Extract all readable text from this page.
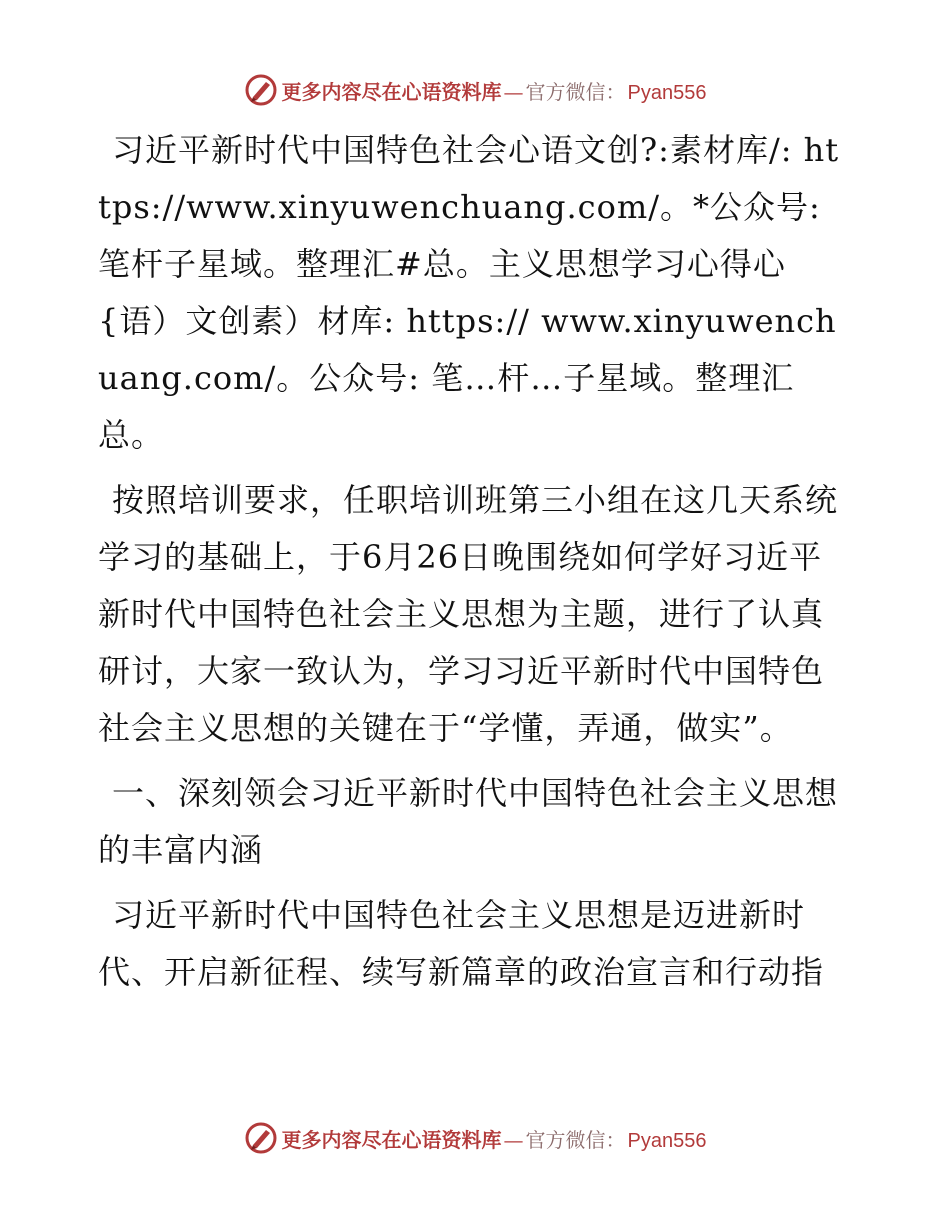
更多内容尽在心语资料库 — 官方微信： Pyan556

习近平新时代中国特色社会心语文创?:素材库/: https://www.xinyuwenchuang.com/。*公众号: 笔杆子星域。整理汇#总。主义思想学习心得心{语）文创素）材库: https:// www.xinyuwenchuang.com/。公众号: 笔…杆…子星域。整理汇总。

按照培训要求，任职培训班第三小组在这几天系统学习的基础上，于6月26日晚围绕如何学好习近平新时代中国特色社会主义思想为主题，进行了认真研讨，大家一致认为，学习习近平新时代中国特色社会主义思想的关键在于“学懂，弄通，做实”。

一、深刻领会习近平新时代中国特色社会主义思想的丰富内涵

习近平新时代中国特色社会主义思想是迈进新时代、开启新征程、续写新篇章的政治宣言和行动指

更多内容尽在心语资料库 — 官方微信： Pyan556
